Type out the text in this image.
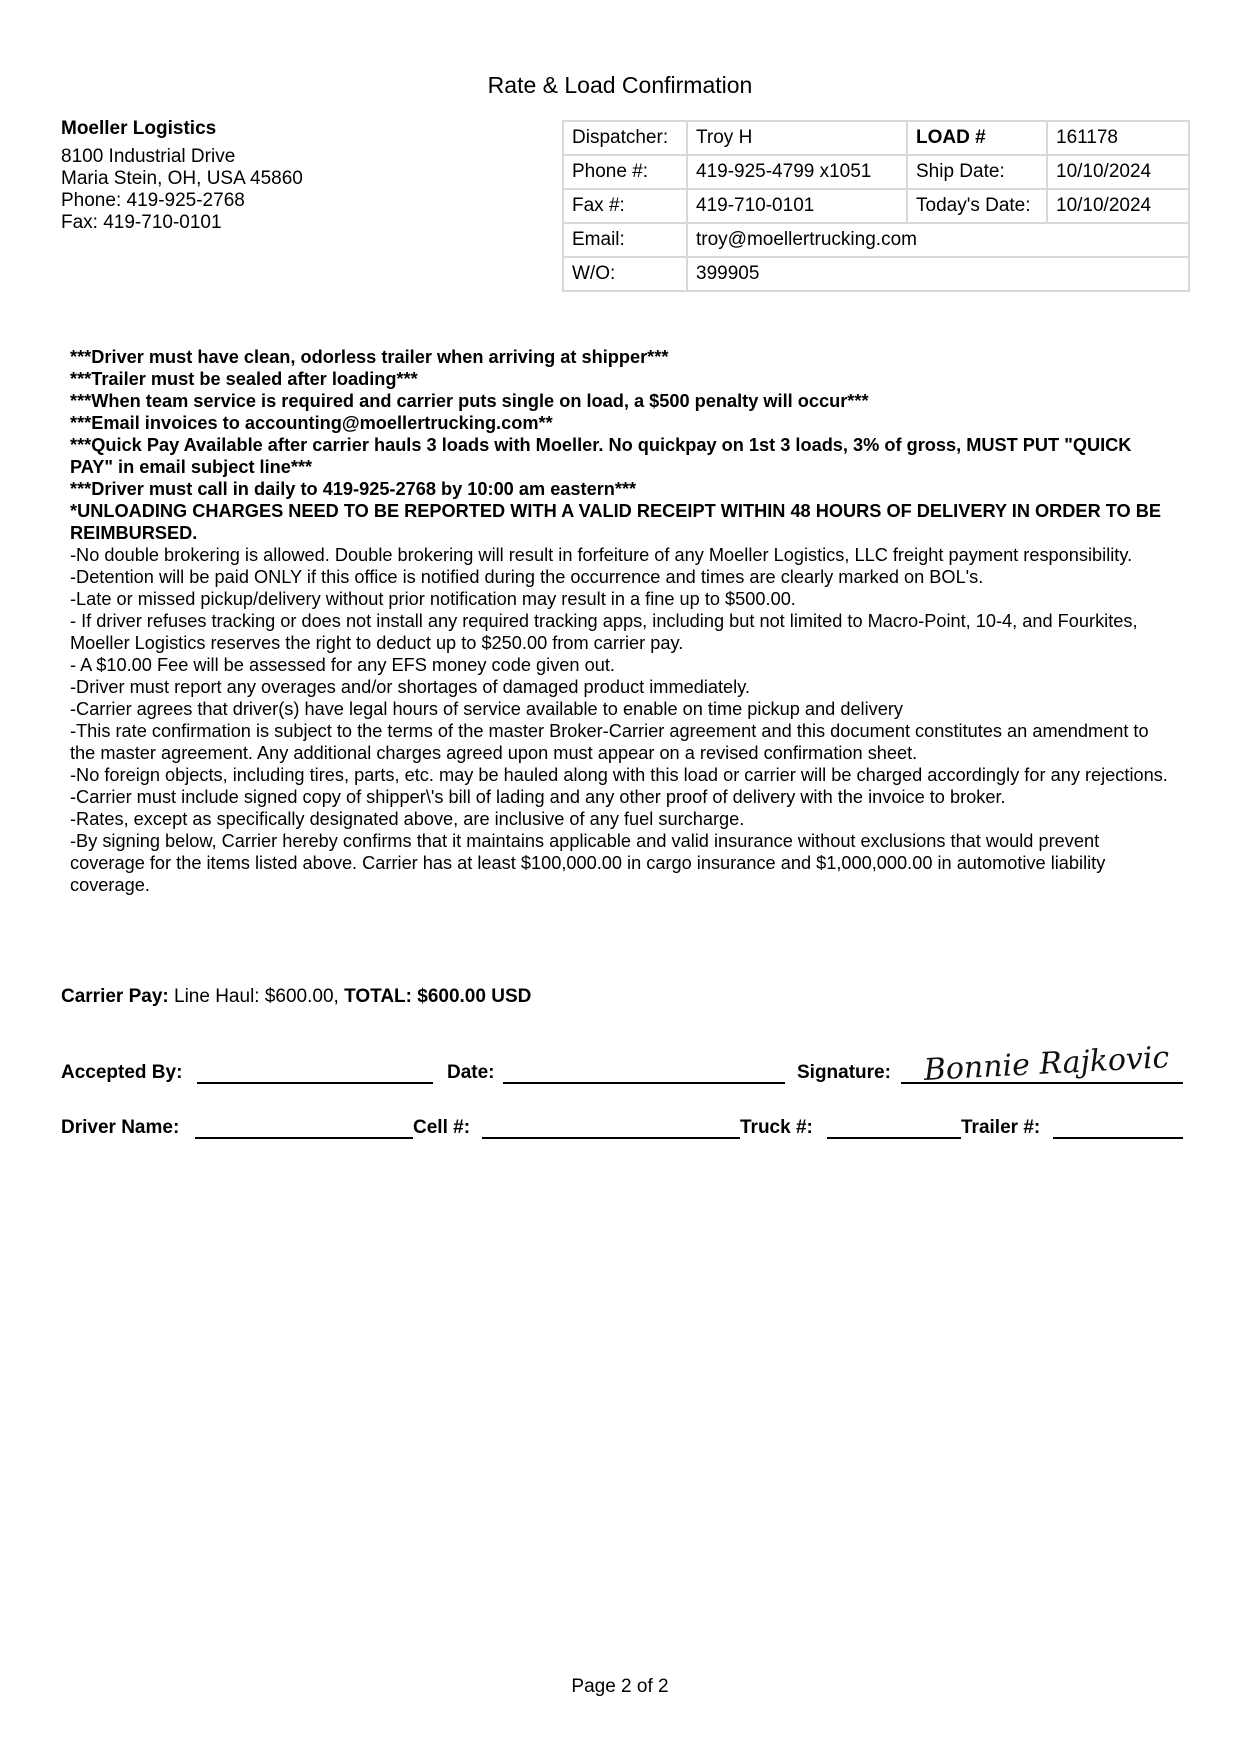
Rate & Load Confirmation
Moeller Logistics
8100 Industrial Drive
Maria Stein, OH, USA 45860
Phone: 419-925-2768
Fax: 419-710-0101
Dispatcher:	Troy H	LOAD #	161178
Phone #:	419-925-4799 x1051	Ship Date:	10/10/2024
Fax #:	419-710-0101	Today's Date:	10/10/2024
Email:	troy@moellertrucking.com		
W/O:	399905		

***Driver must have clean, odorless trailer when arriving at shipper***

***Trailer must be sealed after loading***

***When team service is required and carrier puts single on load, a $500 penalty will occur***

***Email invoices to accounting@moellertrucking.com**

***Quick Pay Available after carrier hauls 3 loads with Moeller. No quickpay on 1st 3 loads, 3% of gross, MUST PUT "QUICK PAY" in email subject line***

***Driver must call in daily to 419-925-2768 by 10:00 am eastern***

*UNLOADING CHARGES NEED TO BE REPORTED WITH A VALID RECEIPT WITHIN 48 HOURS OF DELIVERY IN ORDER TO BE REIMBURSED.

-No double brokering is allowed. Double brokering will result in forfeiture of any Moeller Logistics, LLC freight payment responsibility.

-Detention will be paid ONLY if this office is notified during the occurrence and times are clearly marked on BOL's.

-Late or missed pickup/delivery without prior notification may result in a fine up to $500.00.

- If driver refuses tracking or does not install any required tracking apps, including but not limited to Macro-Point, 10-4, and Fourkites, Moeller Logistics reserves the right to deduct up to $250.00 from carrier pay.

- A $10.00 Fee will be assessed for any EFS money code given out.

-Driver must report any overages and/or shortages of damaged product immediately.

-Carrier agrees that driver(s) have legal hours of service available to enable on time pickup and delivery

-This rate confirmation is subject to the terms of the master Broker-Carrier agreement and this document constitutes an amendment to the master agreement. Any additional charges agreed upon must appear on a revised confirmation sheet.

-No foreign objects, including tires, parts, etc. may be hauled along with this load or carrier will be charged accordingly for any rejections.

-Carrier must include signed copy of shipper\'s bill of lading and any other proof of delivery with the invoice to broker.

-Rates, except as specifically designated above, are inclusive of any fuel surcharge.

-By signing below, Carrier hereby confirms that it maintains applicable and valid insurance without exclusions that would prevent coverage for the items listed above. Carrier has at least $100,000.00 in cargo insurance and $1,000,000.00 in automotive liability coverage.

Carrier Pay: Line Haul: $600.00, TOTAL: $600.00 USD
Accepted By:	Date:	Signature: Bonnie Rajkovic
Driver Name:	Cell #:	Truck #:	Trailer #:
Page 2 of 2
